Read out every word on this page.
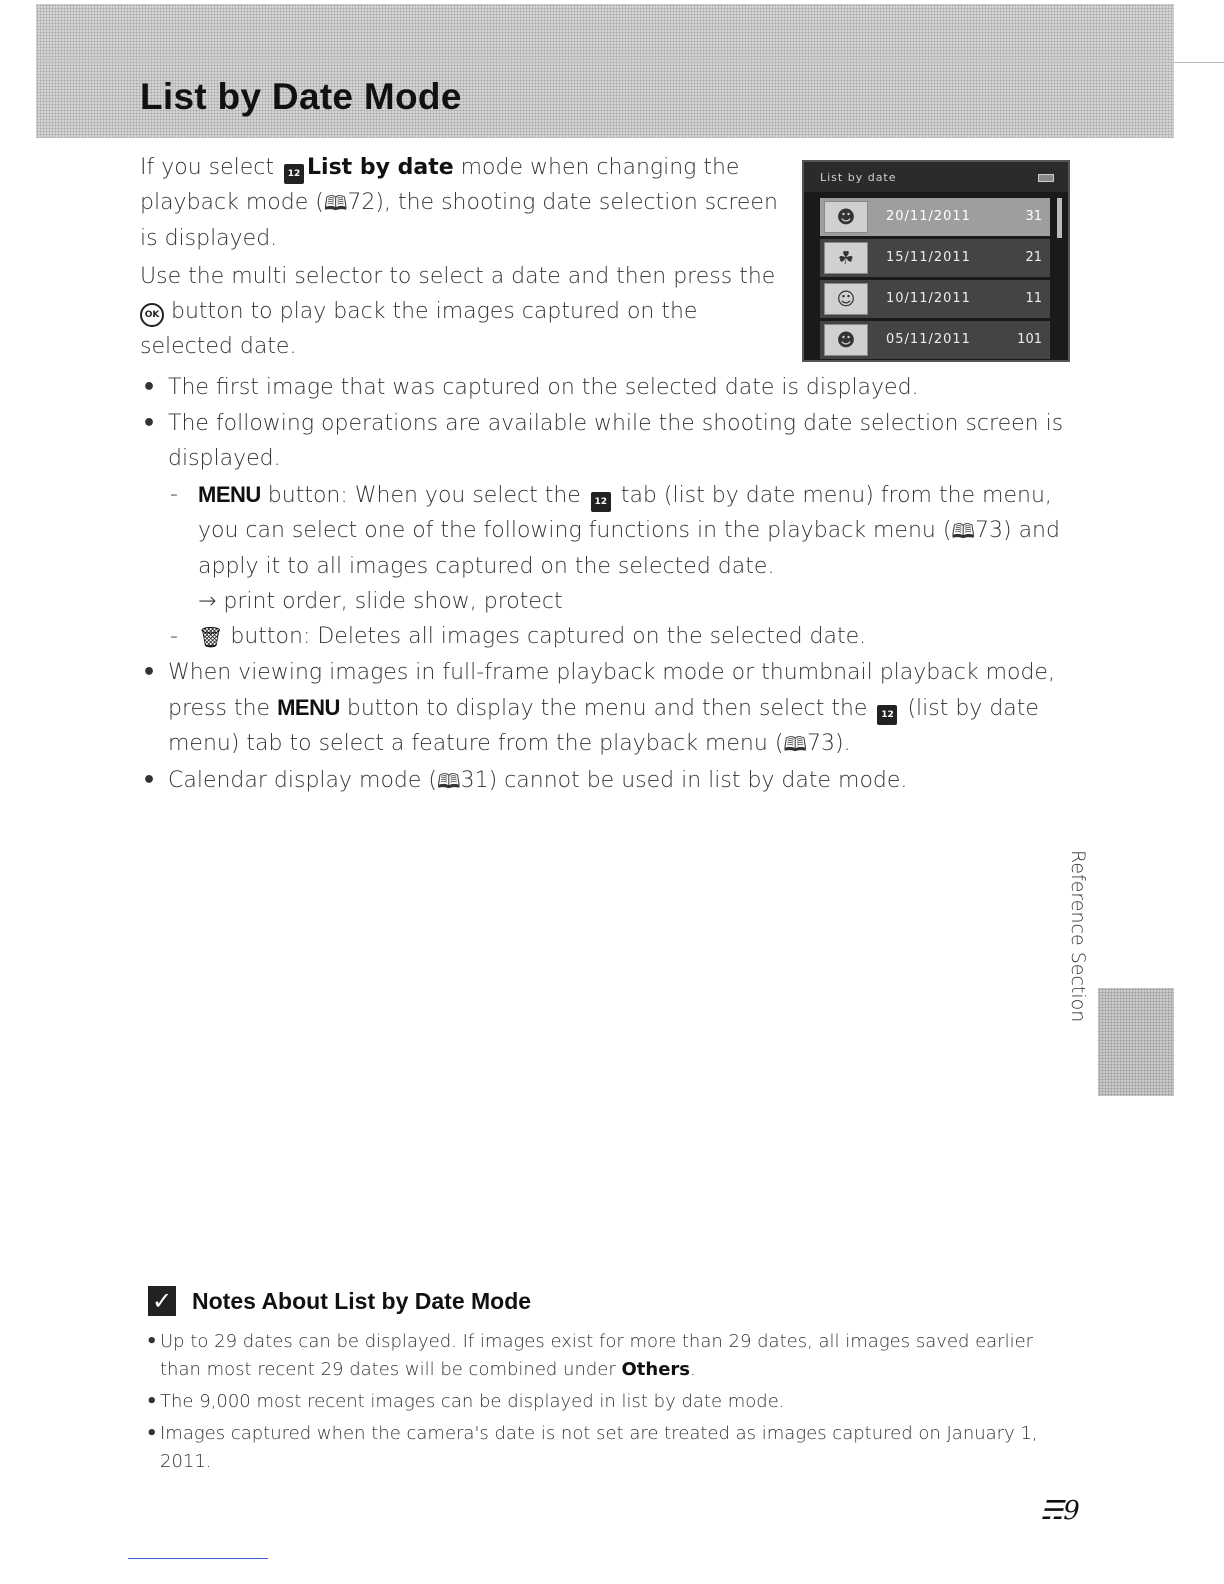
List by Date Mode

If you select 12 List by date mode when changing the playback mode (🕮72), the shooting date selection screen is displayed.

Use the multi selector to select a date and then press the OK button to play back the images captured on the selected date.

List by date
☻	20/11/2011	31
☘	15/11/2011	21
☺	10/11/2011	11
☻	05/11/2011	101
• The first image that was captured on the selected date is displayed.
• The following operations are available while the shooting date selection screen is displayed.
- MENU button: When you select the 12 tab (list by date menu) from the menu, you can select one of the following functions in the playback menu (🕮73) and apply it to all images captured on the selected date.
→ print order, slide show, protect
- 🗑 button: Deletes all images captured on the selected date.
• When viewing images in full-frame playback mode or thumbnail playback mode, press the MENU button to display the menu and then select the 12 (list by date menu) tab to select a feature from the playback menu (🕮73).
• Calendar display mode (🕮31) cannot be used in list by date mode.
Reference Section
✓ Notes About List by Date Mode
• Up to 29 dates can be displayed. If images exist for more than 29 dates, all images saved earlier than most recent 29 dates will be combined under Others.
• The 9,000 most recent images can be displayed in list by date mode.
• Images captured when the camera's date is not set are treated as images captured on January 1, 2011.
☴9
